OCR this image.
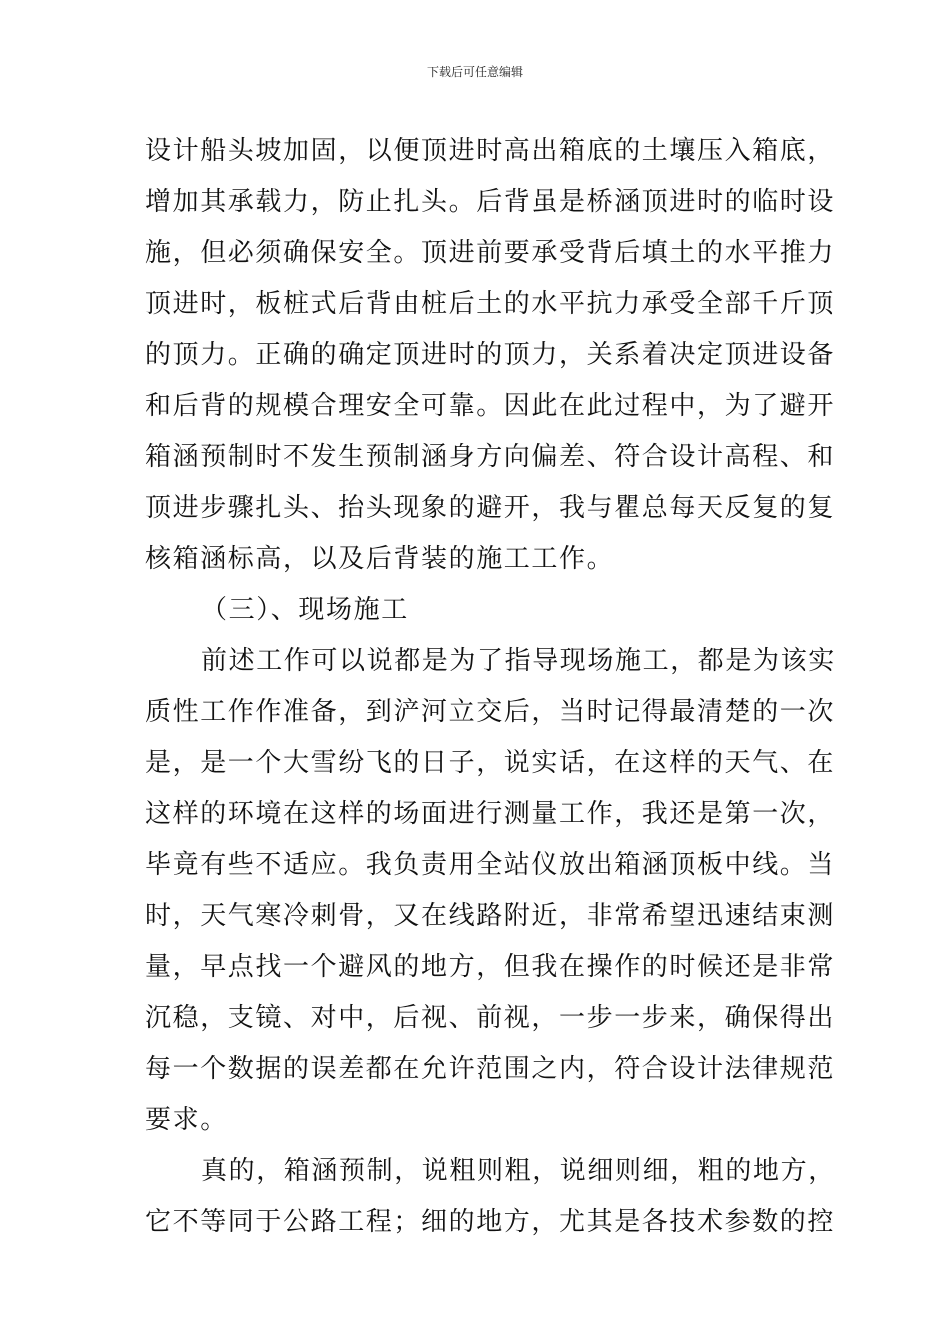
下载后可任意编辑
设计船头坡加固，以便顶进时高出箱底的土壤压入箱底，
增加其承载力，防止扎头。后背虽是桥涵顶进时的临时设
施，但必须确保安全。顶进前要承受背后填土的水平推力
顶进时，板桩式后背由桩后土的水平抗力承受全部千斤顶
的顶力。正确的确定顶进时的顶力，关系着决定顶进设备
和后背的规模合理安全可靠。因此在此过程中，为了避开
箱涵预制时不发生预制涵身方向偏差、符合设计高程、和
顶进步骤扎头、抬头现象的避开，我与瞿总每天反复的复
核箱涵标高，以及后背装的施工工作。
（三）、现场施工
前述工作可以说都是为了指导现场施工，都是为该实
质性工作作准备，到浐河立交后，当时记得最清楚的一次
是，是一个大雪纷飞的日子，说实话，在这样的天气、在
这样的环境在这样的场面进行测量工作，我还是第一次，
毕竟有些不适应。我负责用全站仪放出箱涵顶板中线。当
时，天气寒冷刺骨，又在线路附近，非常希望迅速结束测
量，早点找一个避风的地方，但我在操作的时候还是非常
沉稳，支镜、对中，后视、前视，一步一步来，确保得出
每一个数据的误差都在允许范围之内，符合设计法律规范
要求。
真的，箱涵预制，说粗则粗，说细则细，粗的地方，
它不等同于公路工程；细的地方，尤其是各技术参数的控
